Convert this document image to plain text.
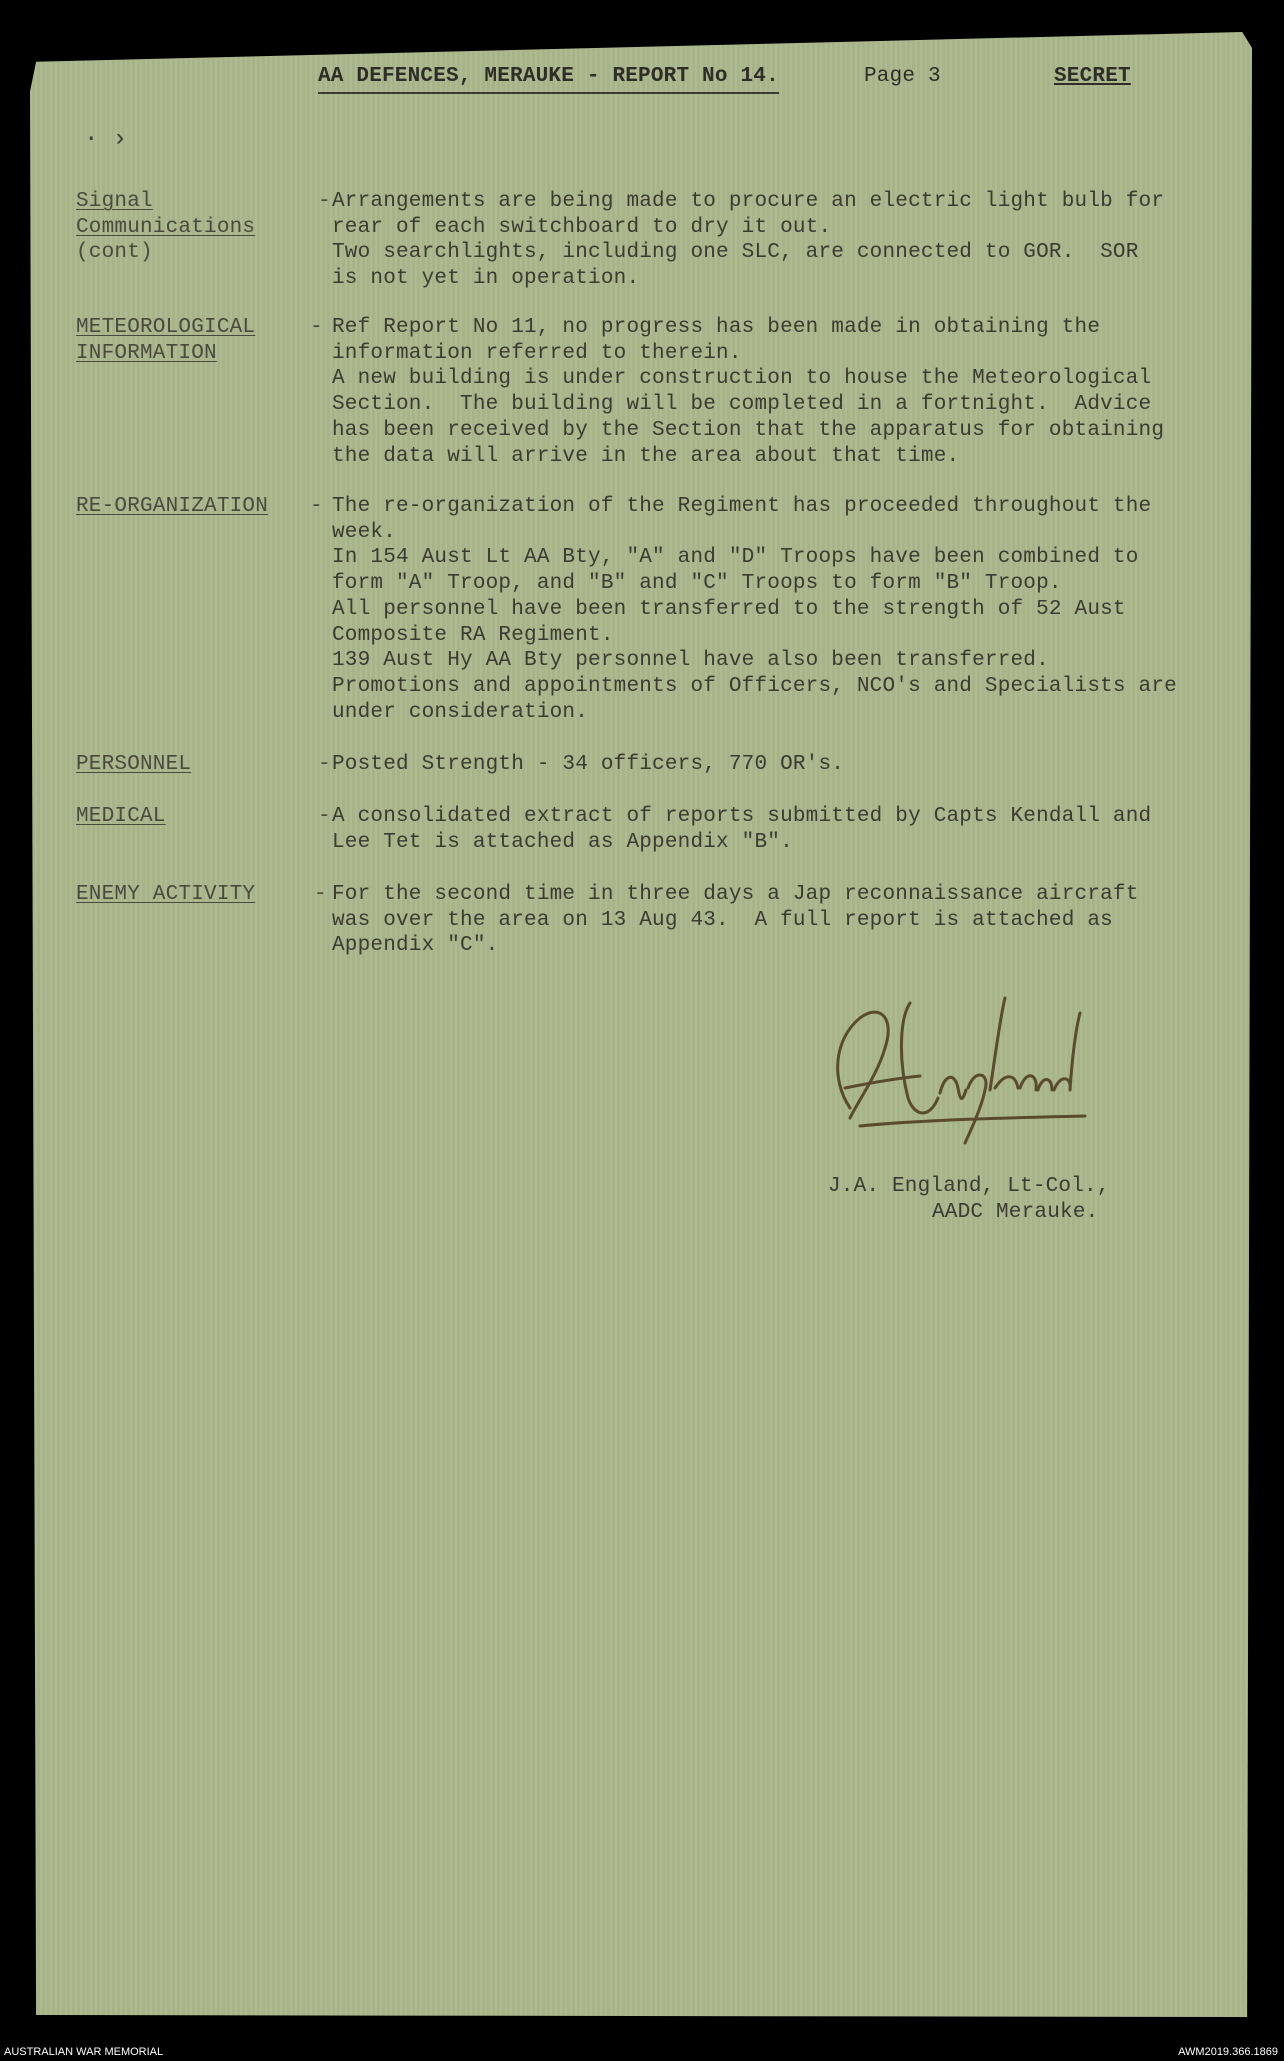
AA DEFENCES, MERAUKE - REPORT No 14.	Page 3	SECRET
· ›
Signal
Communications
(cont)
- Arrangements are being made to procure an electric light bulb for
rear of each switchboard to dry it out.
Two searchlights, including one SLC, are connected to GOR.  SOR
is not yet in operation.
METEOROLOGICAL
INFORMATION
- Ref Report No 11, no progress has been made in obtaining the
information referred to therein.
A new building is under construction to house the Meteorological
Section.  The building will be completed in a fortnight.  Advice
has been received by the Section that the apparatus for obtaining
the data will arrive in the area about that time.
RE-ORGANIZATION - The re-organization of the Regiment has proceeded throughout the
week.
In 154 Aust Lt AA Bty, "A" and "D" Troops have been combined to
form "A" Troop, and "B" and "C" Troops to form "B" Troop.
All personnel have been transferred to the strength of 52 Aust
Composite RA Regiment.
139 Aust Hy AA Bty personnel have also been transferred.
Promotions and appointments of Officers, NCO's and Specialists are
under consideration.
PERSONNEL	- Posted Strength - 34 officers, 770 OR's.
MEDICAL	- A consolidated extract of reports submitted by Capts Kendall and
Lee Tet is attached as Appendix "B".
ENEMY ACTIVITY	- For the second time in three days a Jap reconnaissance aircraft
was over the area on 13 Aug 43.  A full report is attached as
Appendix "C".
J.A. England, Lt-Col.,
AADC Merauke.
AUSTRALIAN WAR MEMORIAL	AWM2019.366.1869
